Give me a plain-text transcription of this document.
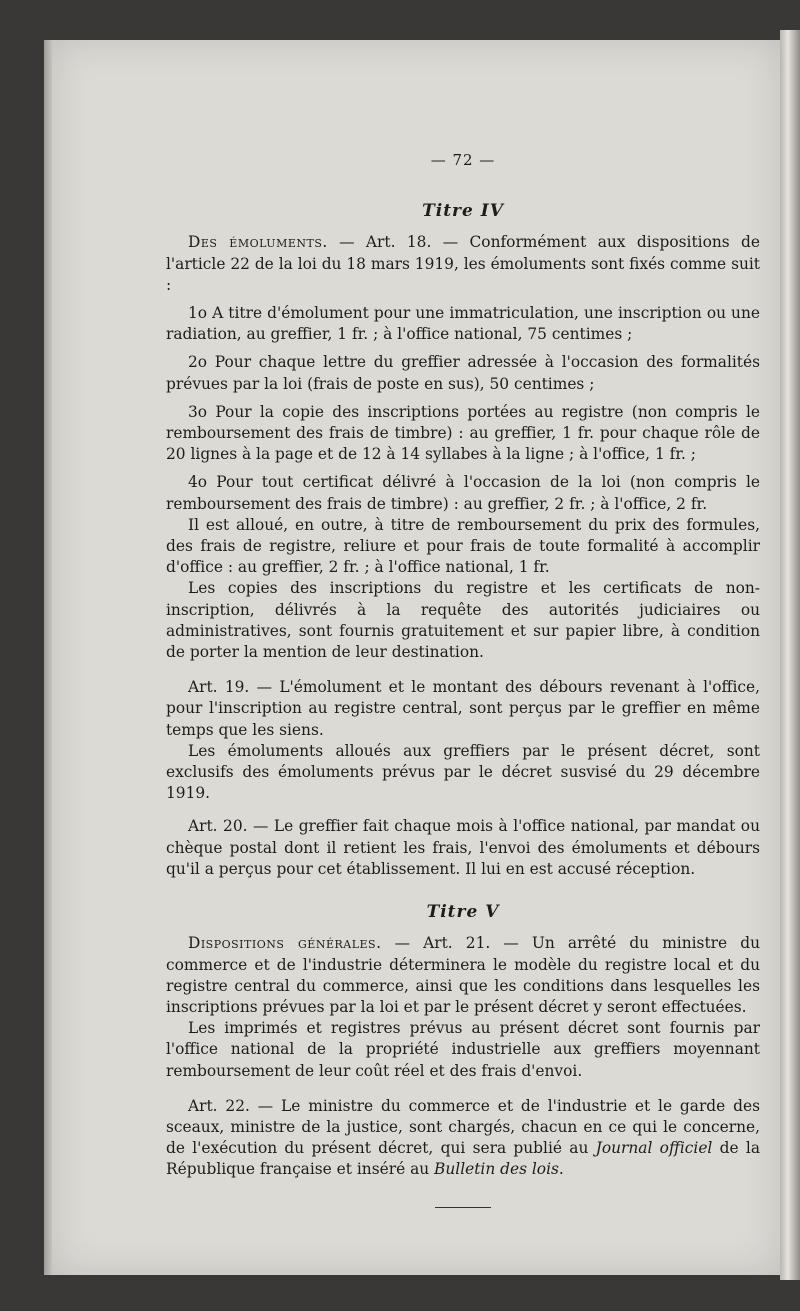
— 72 —
Titre IV

Des émoluments. — Art. 18. — Conformément aux dispositions de l'article 22 de la loi du 18 mars 1919, les émoluments sont fixés comme suit :

1o A titre d'émolument pour une immatriculation, une inscription ou une radiation, au greffier, 1 fr. ; à l'office national, 75 centimes ;

2o Pour chaque lettre du greffier adressée à l'occasion des formalités prévues par la loi (frais de poste en sus), 50 centimes ;

3o Pour la copie des inscriptions portées au registre (non compris le remboursement des frais de timbre) : au greffier, 1 fr. pour chaque rôle de 20 lignes à la page et de 12 à 14 syllabes à la ligne ; à l'office, 1 fr. ;

4o Pour tout certificat délivré à l'occasion de la loi (non compris le remboursement des frais de timbre) : au greffier, 2 fr. ; à l'office, 2 fr.

Il est alloué, en outre, à titre de remboursement du prix des formules, des frais de registre, reliure et pour frais de toute formalité à accomplir d'office : au greffier, 2 fr. ; à l'office national, 1 fr.

Les copies des inscriptions du registre et les certificats de non-inscription, délivrés à la requête des autorités judiciaires ou administratives, sont fournis gratuitement et sur papier libre, à condition de porter la mention de leur destination.

Art. 19. — L'émolument et le montant des débours revenant à l'office, pour l'inscription au registre central, sont perçus par le greffier en même temps que les siens.

Les émoluments alloués aux greffiers par le présent décret, sont exclusifs des émoluments prévus par le décret susvisé du 29 décembre 1919.

Art. 20. — Le greffier fait chaque mois à l'office national, par mandat ou chèque postal dont il retient les frais, l'envoi des émoluments et débours qu'il a perçus pour cet établissement. Il lui en est accusé réception.

Titre V

Dispositions générales. — Art. 21. — Un arrêté du ministre du commerce et de l'industrie déterminera le modèle du registre local et du registre central du commerce, ainsi que les conditions dans lesquelles les inscriptions prévues par la loi et par le présent décret y seront effectuées.

Les imprimés et registres prévus au présent décret sont fournis par l'office national de la propriété industrielle aux greffiers moyennant remboursement de leur coût réel et des frais d'envoi.

Art. 22. — Le ministre du commerce et de l'industrie et le garde des sceaux, ministre de la justice, sont chargés, chacun en ce qui le concerne, de l'exécution du présent décret, qui sera publié au Journal officiel de la République française et inséré au Bulletin des lois.
